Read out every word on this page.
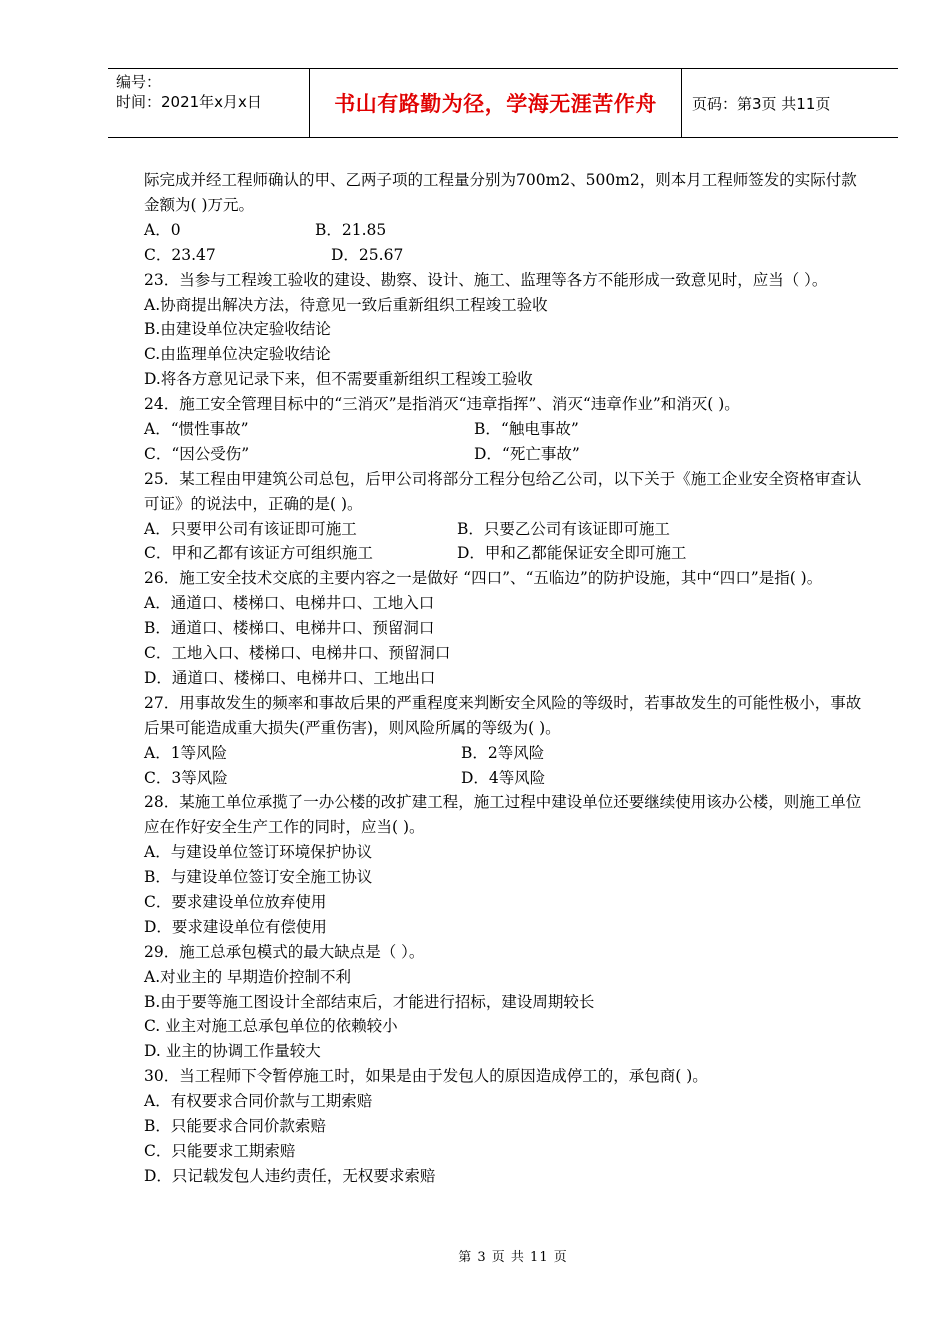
编号：
时间：2021年x月x日	书山有路勤为径，学海无涯苦作舟	页码：第3页 共11页
际完成并经工程师确认的甲、乙两子项的工程量分别为700m2、500m2，则本月工程师签发的实际付款金额为( )万元。
A．0	B．21.85
C．23.47	D．25.67
23．当参与工程竣工验收的建设、勘察、设计、施工、监理等各方不能形成一致意见时，应当（ ）。
A.协商提出解决方法，待意见一致后重新组织工程竣工验收
B.由建设单位决定验收结论
C.由监理单位决定验收结论
D.将各方意见记录下来，但不需要重新组织工程竣工验收
24．施工安全管理目标中的“三消灭”是指消灭“违章指挥”、消灭“违章作业”和消灭( )。
A．“惯性事故”	B．“触电事故”
C．“因公受伤”	D．“死亡事故”
25．某工程由甲建筑公司总包，后甲公司将部分工程分包给乙公司，以下关于《施工企业安全资格审查认可证》的说法中，正确的是( )。
A．只要甲公司有该证即可施工	B．只要乙公司有该证即可施工
C．甲和乙都有该证方可组织施工	D．甲和乙都能保证安全即可施工
26．施工安全技术交底的主要内容之一是做好 “四口”、“五临边”的防护设施，其中“四口”是指( )。
A．通道口、楼梯口、电梯井口、工地入口
B．通道口、楼梯口、电梯井口、预留洞口
C．工地入口、楼梯口、电梯井口、预留洞口
D．通道口、楼梯口、电梯井口、工地出口
27．用事故发生的频率和事故后果的严重程度来判断安全风险的等级时，若事故发生的可能性极小，事故后果可能造成重大损失(严重伤害)，则风险所属的等级为( )。
A．1等风险	B．2等风险
C．3等风险	D．4等风险
28．某施工单位承揽了一办公楼的改扩建工程，施工过程中建设单位还要继续使用该办公楼，则施工单位应在作好安全生产工作的同时，应当( )。
A．与建设单位签订环境保护协议
B．与建设单位签订安全施工协议
C．要求建设单位放弃使用
D．要求建设单位有偿使用
29．施工总承包模式的最大缺点是（ ）。
A.对业主的 早期造价控制不利
B.由于要等施工图设计全部结束后，才能进行招标，建设周期较长
C. 业主对施工总承包单位的依赖较小
D. 业主的协调工作量较大
30．当工程师下令暂停施工时，如果是由于发包人的原因造成停工的，承包商( )。
A．有权要求合同价款与工期索赔
B．只能要求合同价款索赔
C．只能要求工期索赔
D．只记载发包人违约责任，无权要求索赔
第 3 页 共 11 页
